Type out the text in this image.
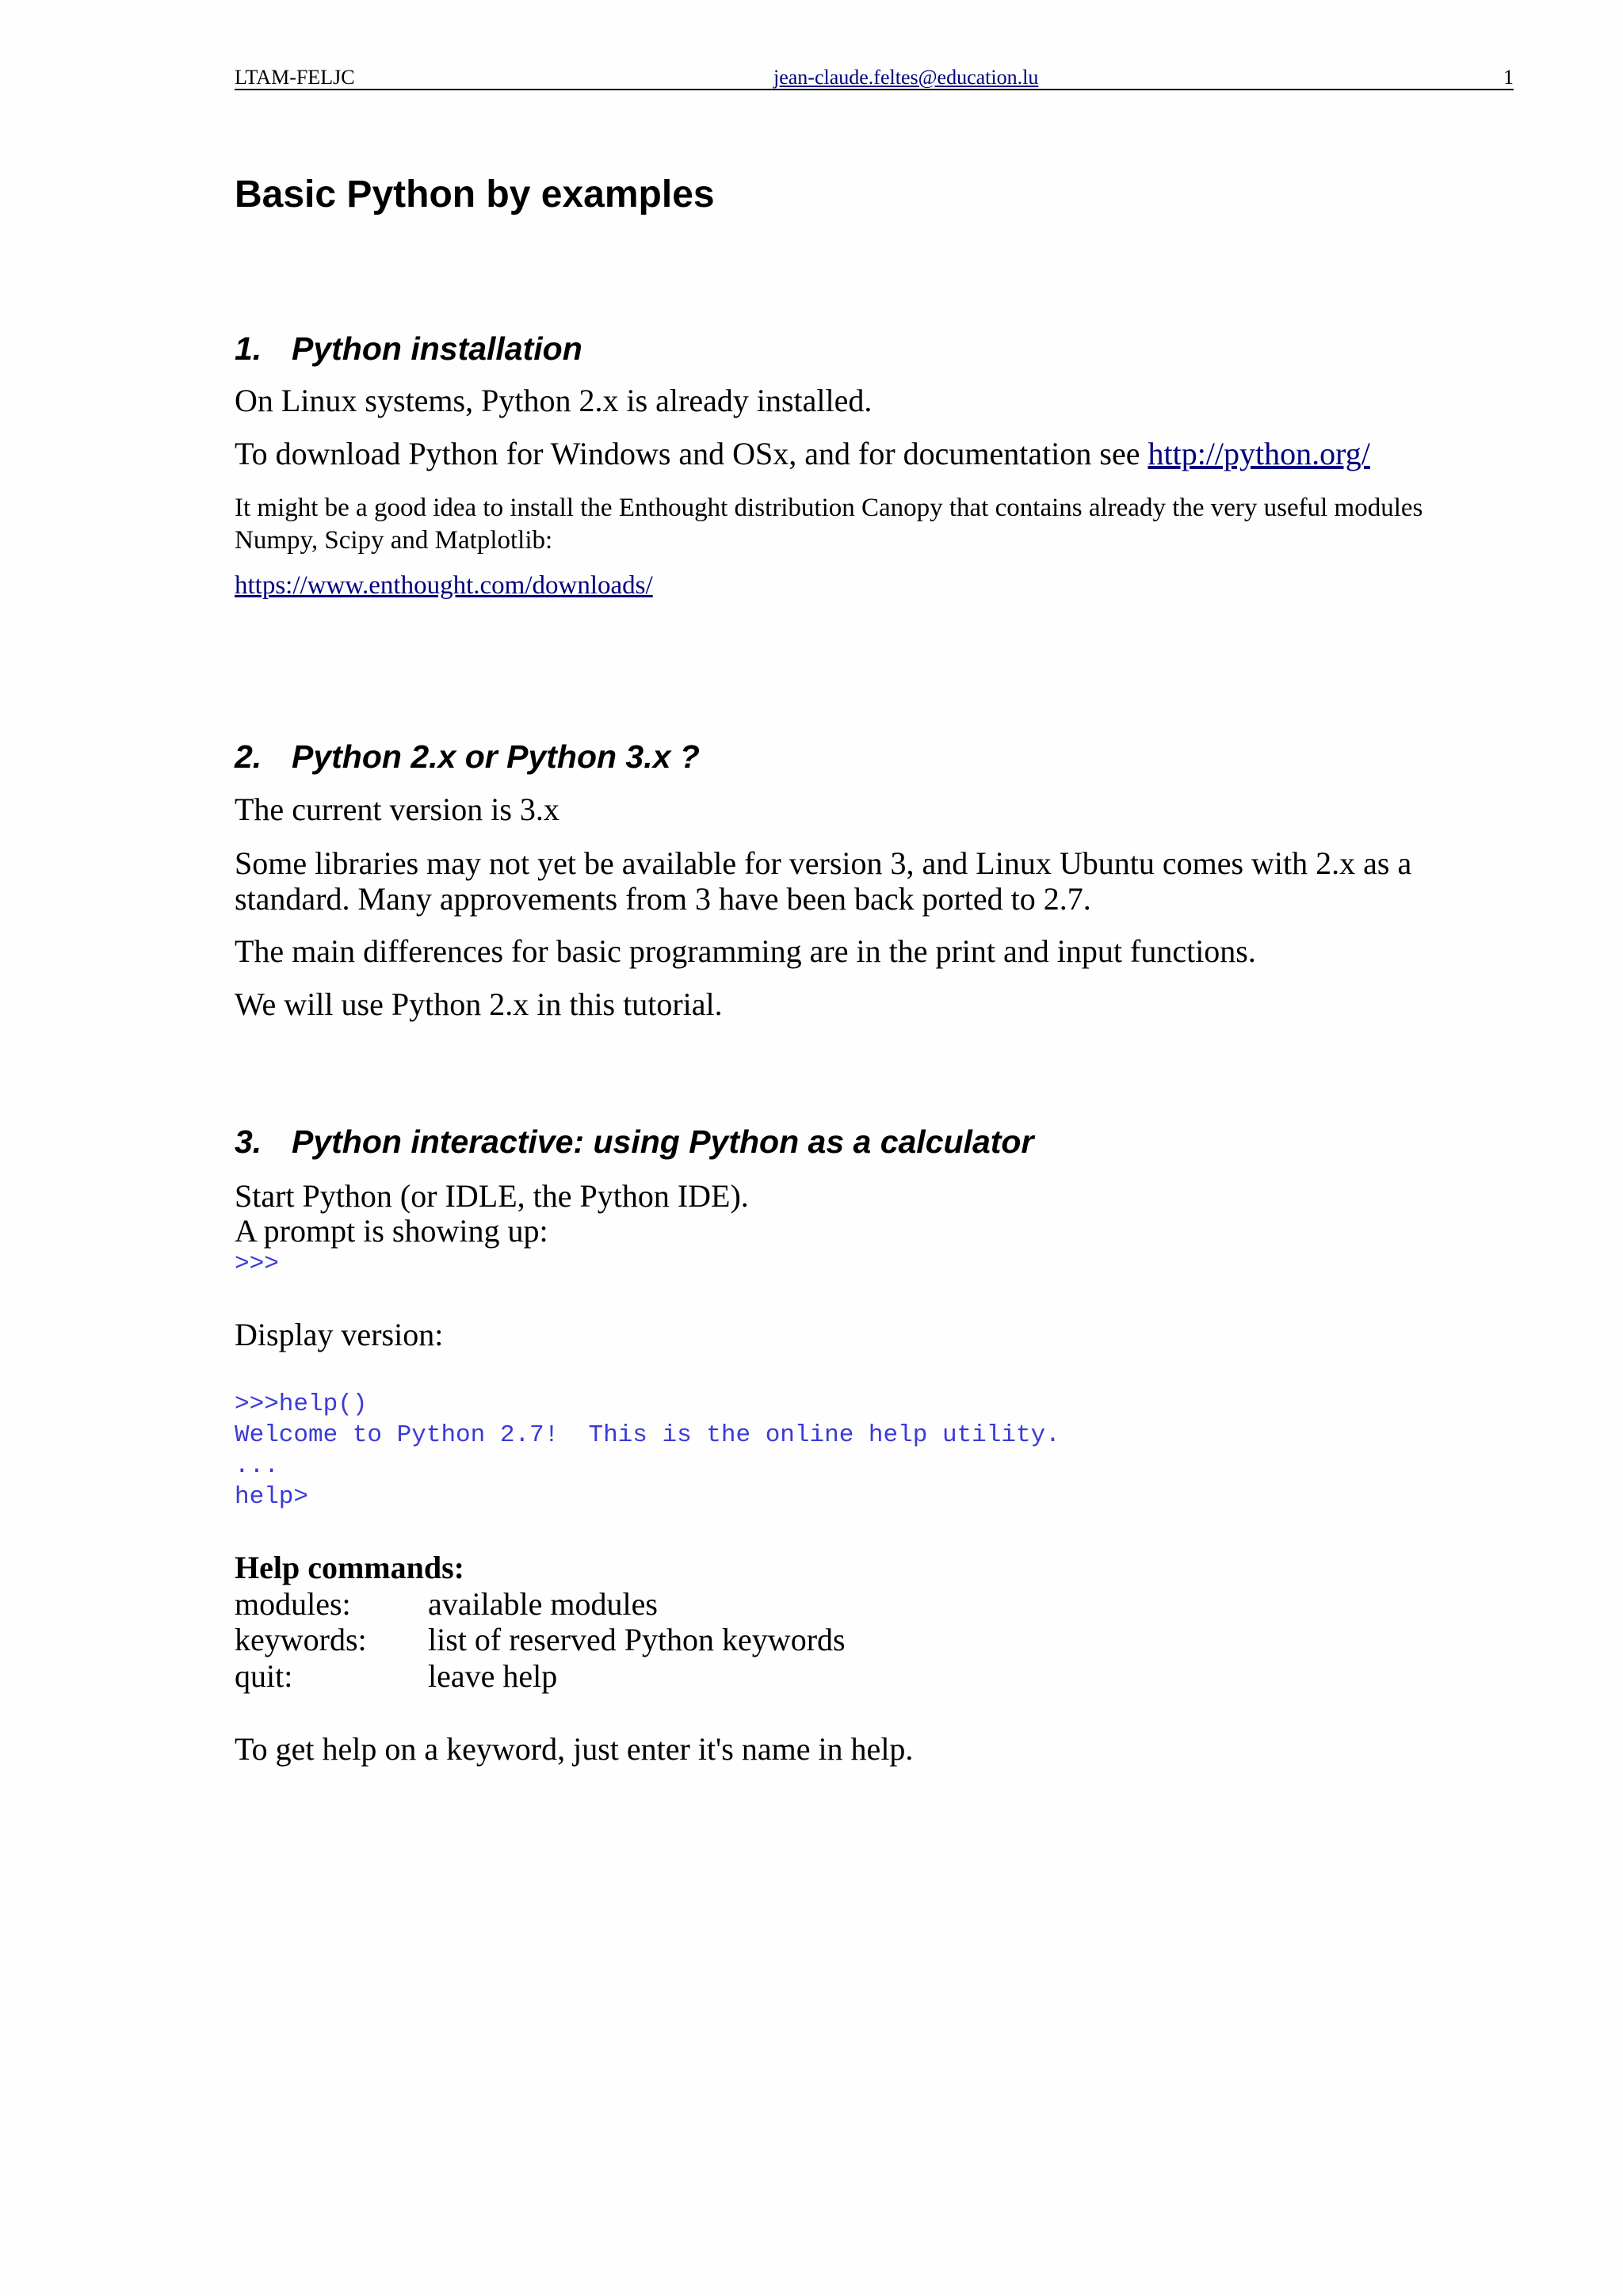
LTAM-FELJC	jean-claude.feltes@education.lu	1
Basic Python by examples
1. Python installation
On Linux systems, Python 2.x is already installed.
To download Python for Windows and OSx, and for documentation see http://python.org/
It might be a good idea to install the Enthought distribution Canopy that contains already the very useful modules
Numpy, Scipy and Matplotlib:
https://www.enthought.com/downloads/
2. Python 2.x or Python 3.x ?
The current version is 3.x
Some libraries may not yet be available for version 3, and Linux Ubuntu comes with 2.x as a
standard. Many approvements from 3 have been back ported to 2.7.
The main differences for basic programming are in the print and input functions.
We will use Python 2.x in this tutorial.
3. Python interactive: using Python as a calculator
Start Python (or IDLE, the Python IDE).
A prompt is showing up:
>>>
Display version:
>>>help()
Welcome to Python 2.7!  This is the online help utility.
...
help>
Help commands:
modules: available modules
keywords: list of reserved Python keywords
quit:	leave help
To get help on a keyword, just enter it's name in help.
